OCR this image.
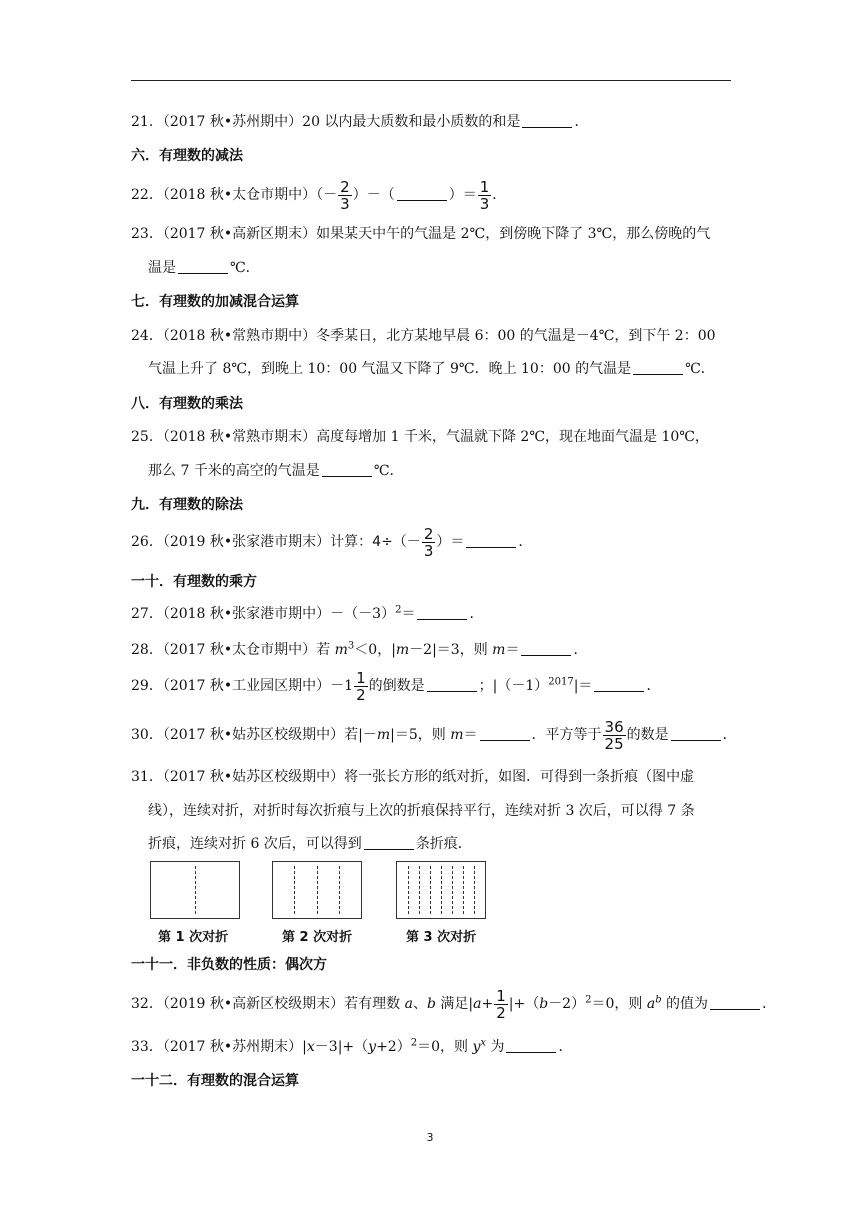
21．（2017 秋•苏州期中）20 以内最大质数和最小质数的和是	．
六．有理数的减法
22．（2018 秋•太仓市期中）（－ $\frac{2}{3}$ ）－（	）＝ $\frac{1}{3}$ ．
23．（2017 秋•高新区期末）如果某天中午的气温是 2℃，到傍晚下降了 3℃，那么傍晚的气
温是	℃．
七．有理数的加减混合运算
24．（2018 秋•常熟市期中）冬季某日，北方某地早晨 6：00 的气温是－4℃，到下午 2：00
气温上升了 8℃，到晚上 10：00 气温又下降了 9℃．晚上 10：00 的气温是	℃．
八．有理数的乘法
25．（2018 秋•常熟市期末）高度每增加 1 千米，气温就下降 2℃，现在地面气温是 10℃，
那么 7 千米的高空的气温是	℃．
九．有理数的除法
26．（2019 秋•张家港市期末）计算：$4\div(- \frac{2}{3}$ ）＝	．
一十．有理数的乘方
27．（2018 秋•张家港市期中）$-(-3)^2=$	．
28．（2017 秋•太仓市期中）若 $m^3<0$，|m－2|＝3，则 m＝	．
29．（2017 秋•工业园区期中）$-1 \frac{1}{2}$ 的倒数是	；$|(-1)^{2017}|=$	．
30．（2017 秋•姑苏区校级期中）若|－m|＝5，则 m＝	．平方等于 $\frac{36}{25}$ 的数是	．
31．（2017 秋•姑苏区校级期中）将一张长方形的纸对折，如图．可得到一条折痕（图中虚
线），连续对折，对折时每次折痕与上次的折痕保持平行，连续对折 3 次后，可以得 7 条
折痕，连续对折 6 次后，可以得到	条折痕．
第 1 次对折	第 2 次对折	第 3 次对折
一十一．非负数的性质：偶次方
32．（2019 秋•高新区校级期末）若有理数 a、b 满足$|a+ \frac{1}{2} |+(b-2)^2=0$，则 $a^b$ 的值为	．
33．（2017 秋•苏州期末）$|x-3|+(y+2)^2=0$，则 $y^x$ 为	．
一十二．有理数的混合运算
3
